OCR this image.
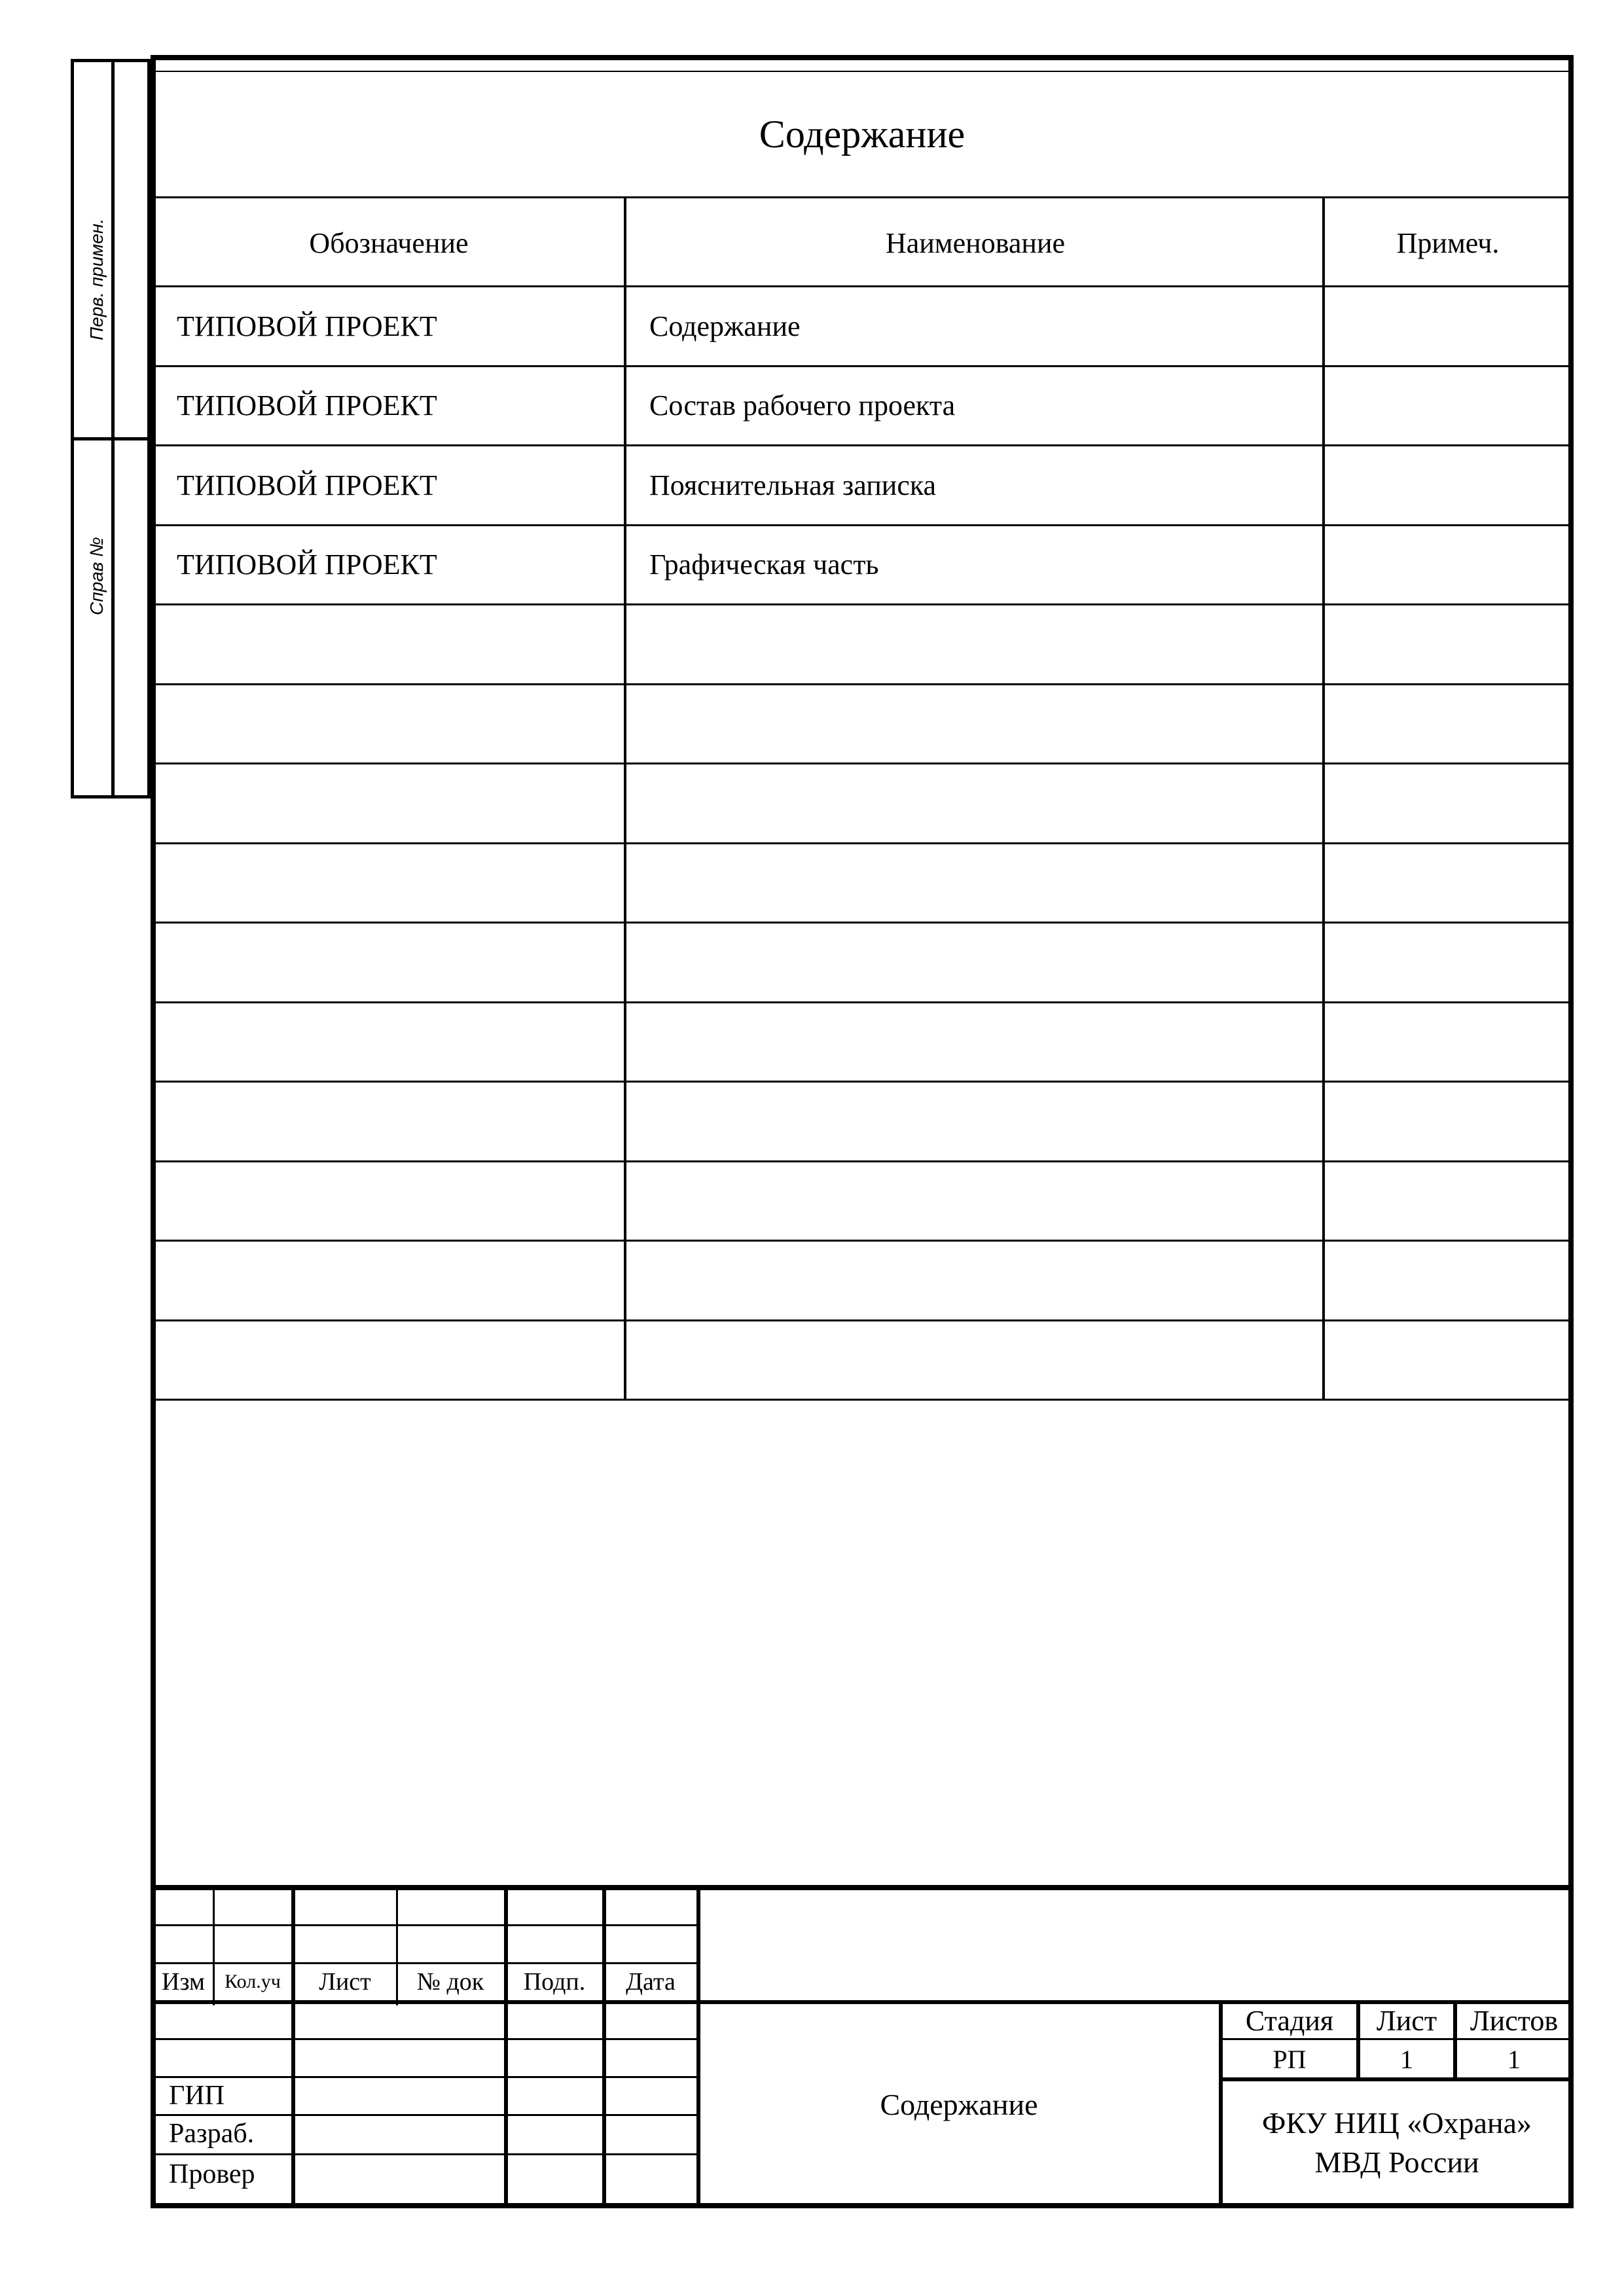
Перв. примен.
Справ №
Содержание
Обозначение	Наименование	Примеч.
ТИПОВОЙ ПРОЕКТ	Содержание
ТИПОВОЙ ПРОЕКТ	Состав рабочего проекта
ТИПОВОЙ ПРОЕКТ	Пояснительная записка
ТИПОВОЙ ПРОЕКТ	Графическая часть
Изм	Кол.уч	Лист	№ док	Подп.	Дата
ГИП
Разраб.
Провер
Содержание
Стадия	Лист	Листов
РП	1	1
ФКУ НИЦ «Охрана»
МВД России
